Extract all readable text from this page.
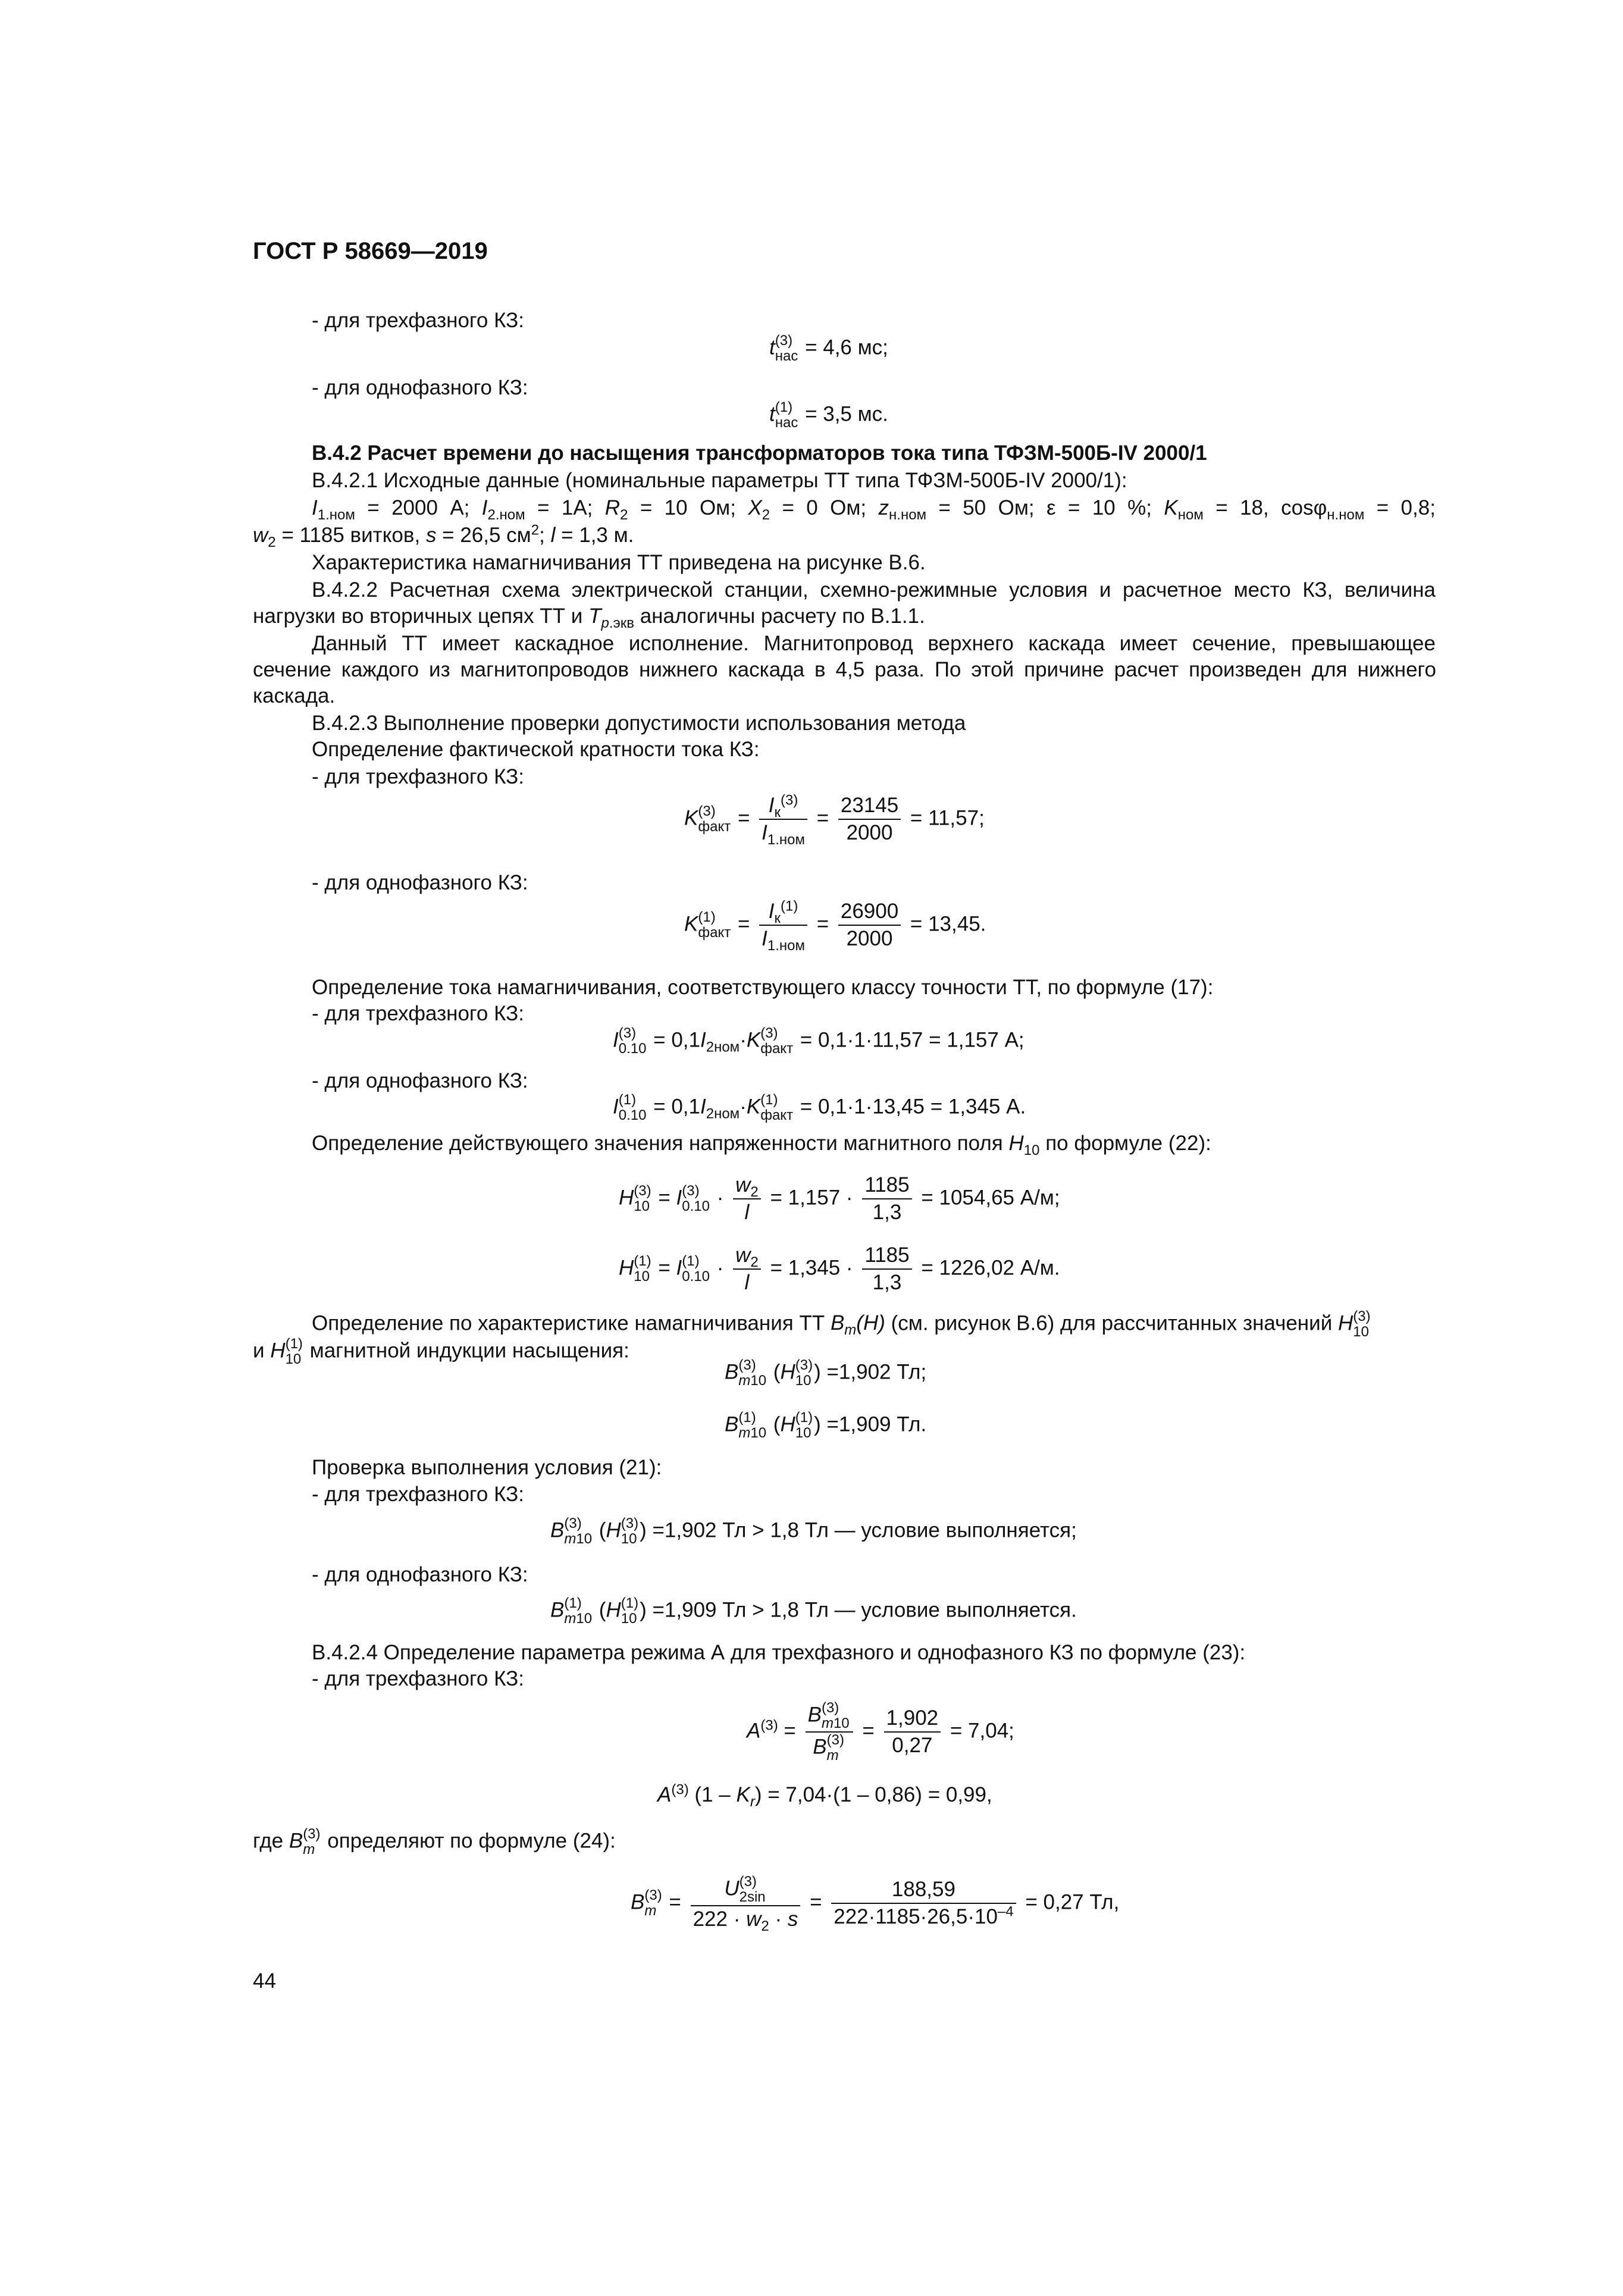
ГОСТ Р 58669—2019
- для трехфазного КЗ:
t (3)
нас = 4,6 мс;
- для однофазного КЗ:
t (1)
нас = 3,5 мс.
В.4.2 Расчет времени до насыщения трансформаторов тока типа ТФЗМ-500Б-IV 2000/1
В.4.2.1 Исходные данные (номинальные параметры ТТ типа ТФЗМ-500Б-IV 2000/1):
$I_{1.ном} = 2000$ А; $I_{2.ном} = 1А$; $R_2 = 10$ Ом; $X_2 = 0$ Ом; $z_{н.ном} = 50$ Ом; ε = 10 %; $K_{ном} = 18$, cosφ$_{н.ном}$ = 0,8;
$w_2 = 1185$ витков, s = 26,5 $см^2$; l = 1,3 м.
Характеристика намагничивания ТТ приведена на рисунке В.6.
В.4.2.2 Расчетная схема электрической станции, схемно-режимные условия и расчетное место КЗ, величина
нагрузки во вторичных цепях ТТ и $T_{р.экв}$ аналогичны расчету по В.1.1.
Данный ТТ имеет каскадное исполнение. Магнитопровод верхнего каскада имеет сечение, превышающее
сечение каждого из магнитопроводов нижнего каскада в 4,5 раза. По этой причине расчет произведен для нижнего
каскада.
В.4.2.3 Выполнение проверки допустимости использования метода
Определение фактической кратности тока КЗ:
- для трехфазного КЗ:
K (3)
факт = $\frac{I_к^{(3)}}{I_{1.ном}} = \frac{23145}{2000} = 11,57$;
- для однофазного КЗ:
K (1)
факт = $\frac{I_к^{(1)}}{I_{1.ном}} = \frac{26900}{2000} = 13,45$.
Определение тока намагничивания, соответствующего классу точности ТТ, по формуле (17):
- для трехфазного КЗ:
I (3)
$0.10 = 0,1I_{2ном}\cdot K$ (3)
факт = 0,1·1·11,57 = 1,157 А;
- для однофазного КЗ:
I (1)
$0.10 = 0,1I_{2ном}\cdot K$ (1)
факт = 0,1·1·13,45 = 1,345 А.
Определение действующего значения напряженности магнитного поля $H_{10}$ по формуле (22):
H (3)
10 = I (3)
$0.10 \cdot \frac{w_2}{l} = 1,157 \cdot \frac{1185}{1,3} = 1054,65$ А/м;
H (1)
10 = I (1)
$0.10 \cdot \frac{w_2}{l} = 1,345 \cdot \frac{1185}{1,3} = 1226,02$ А/м.
Определение по характеристике намагничивания ТТ $B_m(H)$ (см. рисунок В.6) для рассчитанных значений H (3)
10
и H (1)
10 магнитной индукции насыщения:
B (3)
m10 (H (3)
10 ) =1,902 Тл;
B (1)
m10 (H (1)
10 ) =1,909 Тл.
Проверка выполнения условия (21):
- для трехфазного КЗ:
B (3)
m10 (H (3)
10 ) =1,902 Тл > 1,8 Тл — условие выполняется;
- для однофазного КЗ:
B (1)
m10 (H (1)
10 ) =1,909 Тл > 1,8 Тл — условие выполняется.
В.4.2.4 Определение параметра режима А для трехфазного и однофазного КЗ по формуле (23):
- для трехфазного КЗ:
$A^{(3)} = B$ (3)
m10
B (3)
$m = \frac{1,902}{0,27} = 7,04$;
$A^{(3)}$ $(1 - K_r) = 7,04\cdot(1 - 0,86) = 0,99$,
где B (3)
m определяют по формуле (24):
B (3)
m = U (3)
2sin
$222 \cdot w_2 \cdot s = \frac{188,59}{222\cdot 1185\cdot 26,5\cdot 10^{-4}} = 0,27$ Тл,
44
